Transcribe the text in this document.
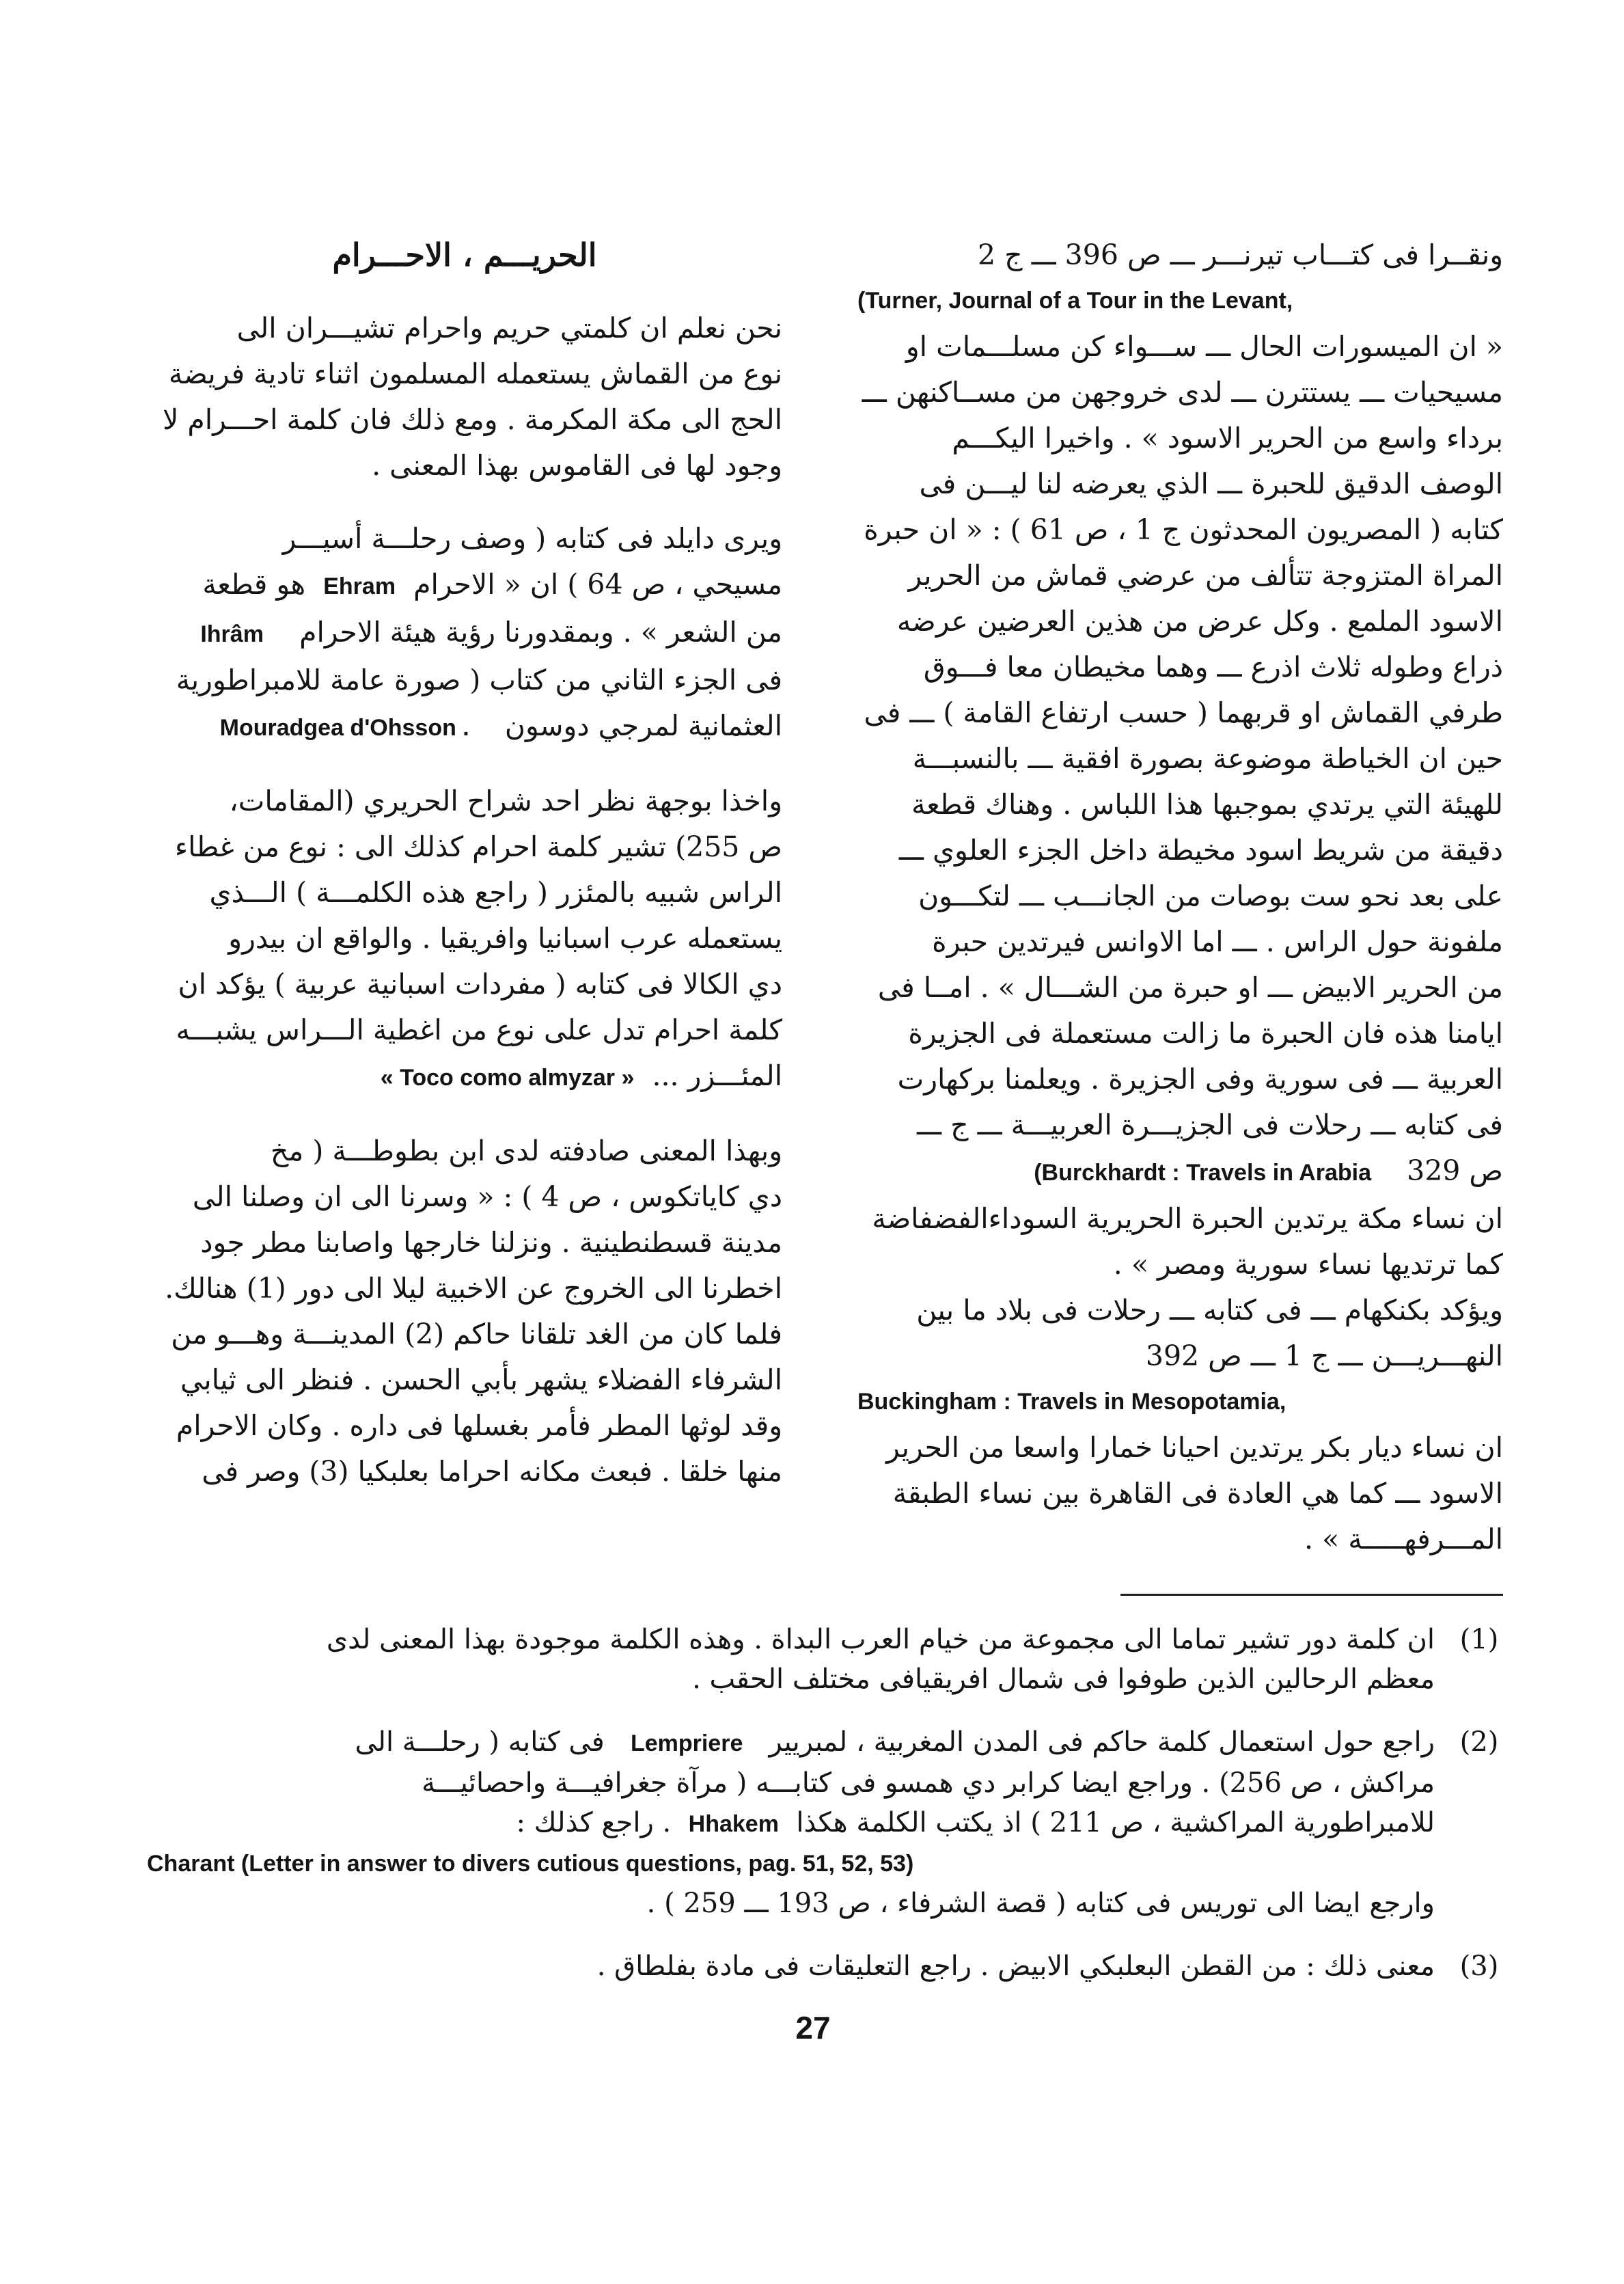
ونقــرا فى كتـــاب تيرنـــر ـــ ص 396 ـــ ج 2

(Turner, Journal of a Tour in the Levant,

« ان الميسورات الحال ـــ ســـواء كن مسلـــمات او

مسيحيات ـــ يستترن ـــ لدى خروجهن من مســاكنهن ـــ

برداء واسع من الحرير الاسود » . واخيرا اليكـــم

الوصف الدقيق للحبرة ـــ الذي يعرضه لنا ليـــن فى

كتابه ( المصريون المحدثون ج 1 ، ص 61 ) : « ان حبرة

المراة المتزوجة تتألف من عرضي قماش من الحرير

الاسود الملمع . وكل عرض من هذين العرضين عرضه

ذراع وطوله ثلاث اذرع ـــ وهما مخيطان معا فـــوق

طرفي القماش او قربهما ( حسب ارتفاع القامة ) ـــ فى

حين ان الخياطة موضوعة بصورة افقية ـــ بالنسبـــة

للهيئة التي يرتدي بموجبها هذا اللباس . وهناك قطعة

دقيقة من شريط اسود مخيطة داخل الجزء العلوي ـــ

على بعد نحو ست بوصات من الجانـــب ـــ لتكـــون

ملفونة حول الراس . ـــ اما الاوانس فيرتدين حبرة

من الحرير الابيض ـــ او حبرة من الشـــال » . امــا فى

ايامنا هذه فان الحبرة ما زالت مستعملة فى الجزيرة

العربية ـــ فى سورية وفى الجزيرة . ويعلمنا بركهارت

فى كتابه ـــ رحلات فى الجزيـــرة العربيـــة ـــ ج ـــ

ص 329    (Burckhardt : Travels in Arabia

ان نساء مكة يرتدين الحبرة الحريرية السوداءالفضفاضة

كما ترتديها نساء سورية ومصر » .

ويؤكد بكنكهام ـــ فى كتابه ـــ رحلات فى بلاد ما بين

النهـــريـــن ـــ ج 1 ـــ ص 392

Buckingham : Travels in Mesopotamia,

ان نساء ديار بكر يرتدين احيانا خمارا واسعا من الحرير

الاسود ـــ كما هي العادة فى القاهرة بين نساء الطبقة

المـــرفهـــــة » .

الحريـــم ، الاحـــرام

نحن نعلم ان كلمتي حريم واحرام تشيـــران الى

نوع من القماش يستعمله المسلمون اثناء تادية فريضة

الحج الى مكة المكرمة . ومع ذلك فان كلمة احـــرام لا

وجود لها فى القاموس بهذا المعنى .

ويرى دايلد فى كتابه ( وصف رحلـــة أسيـــر

مسيحي ، ص 64 ) ان « الاحرام  Ehram  هو قطعة

من الشعر » . وبمقدورنا رؤية هيئة الاحرام    Ihrâm

فى الجزء الثاني من كتاب ( صورة عامة للامبراطورية

العثمانية لمرجي دوسون    Mouradgea d'Ohsson .

واخذا بوجهة نظر احد شراح الحريري (المقامات،

ص 255) تشير كلمة احرام كذلك الى : نوع من غطاء

الراس شبيه بالمئزر ( راجع هذه الكلمـــة ) الـــذي

يستعمله عرب اسبانيا وافريقيا . والواقع ان بيدرو

دي الكالا فى كتابه ( مفردات اسبانية عربية ) يؤكد ان

كلمة احرام تدل على نوع من اغطية الـــراس يشبـــه

المئـــزر ...  « Toco como almyzar »

وبهذا المعنى صادفته لدى ابن بطوطـــة ( مخ

دي كاياتكوس ، ص 4 ) : « وسرنا الى ان وصلنا الى

مدينة قسطنطينية . ونزلنا خارجها واصابنا مطر جود

اخطرنا الى الخروج عن الاخبية ليلا الى دور (1) هنالك.

فلما كان من الغد تلقانا حاكم (2) المدينـــة وهـــو من

الشرفاء الفضلاء يشهر بأبي الحسن . فنظر الى ثيابي

وقد لوثها المطر فأمر بغسلها فى داره . وكان الاحرام

منها خلقا . فبعث مكانه احراما بعلبكيا (3) وصر فى

(1)

ان كلمة دور تشير تماما الى مجموعة من خيام العرب البداة . وهذه الكلمة موجودة بهذا المعنى لدى

معظم الرحالين الذين طوفوا فى شمال افريقيافى مختلف الحقب .

(2)

راجع حول استعمال كلمة حاكم فى المدن المغربية ، لمبريير   Lempriere   فى كتابه ( رحلـــة الى

مراكش ، ص 256) . وراجع ايضا كرابر دي همسو فى كتابـــه ( مرآة جغرافيـــة واحصائيـــة

للامبراطورية المراكشية ، ص 211 ) اذ يكتب الكلمة هكذا  Hhakem  . راجع كذلك :

Charant (Letter in answer to divers cutious questions, pag. 51, 52, 53)

وارجع ايضا الى توريس فى كتابه ( قصة الشرفاء ، ص 193 ـــ 259 ) .

(3)

معنى ذلك : من القطن البعلبكي الابيض . راجع التعليقات فى مادة بفلطاق .

27
